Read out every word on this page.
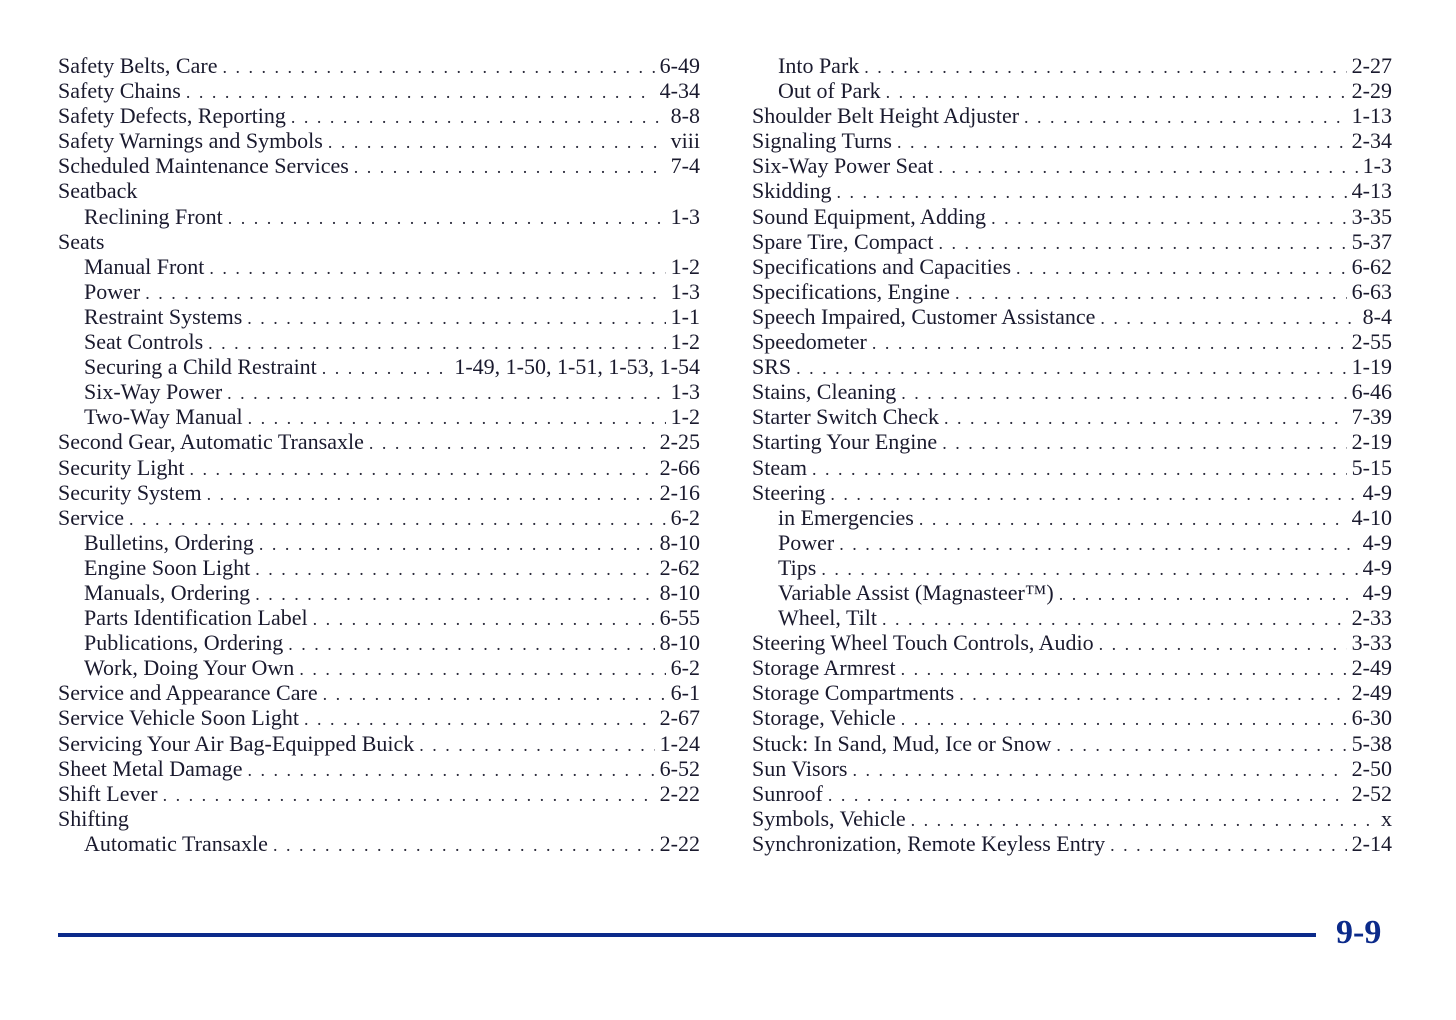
Safety Belts, Care . . .	6-49
Safety Chains . . .	4-34
Safety Defects, Reporting . . .	8-8
Safety Warnings and Symbols . . .	viii
Scheduled Maintenance Services . . .	7-4
Seatback
Reclining Front . . .	1-3
Seats
Manual Front . . .	1-2
Power . . .	1-3
Restraint Systems . . .	1-1
Seat Controls . . .	1-2
Securing a Child Restraint . . .	1-49, 1-50, 1-51, 1-53, 1-54
Six-Way Power . . .	1-3
Two-Way Manual . . .	1-2
Second Gear, Automatic Transaxle . . .	2-25
Security Light . . .	2-66
Security System . . .	2-16
Service . . .	6-2
Bulletins, Ordering . . .	8-10
Engine Soon Light . . .	2-62
Manuals, Ordering . . .	8-10
Parts Identification Label . . .	6-55
Publications, Ordering . . .	8-10
Work, Doing Your Own . . .	6-2
Service and Appearance Care . . .	6-1
Service Vehicle Soon Light . . .	2-67
Servicing Your Air Bag-Equipped Buick . . .	1-24
Sheet Metal Damage . . .	6-52
Shift Lever . . .	2-22
Shifting
Automatic Transaxle . . .	2-22
Into Park . . .	2-27
Out of Park . . .	2-29
Shoulder Belt Height Adjuster . . .	1-13
Signaling Turns . . .	2-34
Six-Way Power Seat . . .	1-3
Skidding . . .	4-13
Sound Equipment, Adding . . .	3-35
Spare Tire, Compact . . .	5-37
Specifications and Capacities . . .	6-62
Specifications, Engine . . .	6-63
Speech Impaired, Customer Assistance . . .	8-4
Speedometer . . .	2-55
SRS . . .	1-19
Stains, Cleaning . . .	6-46
Starter Switch Check . . .	7-39
Starting Your Engine . . .	2-19
Steam . . .	5-15
Steering . . .	4-9
in Emergencies . . .	4-10
Power . . .	4-9
Tips . . .	4-9
Variable Assist (Magnasteer™) . . .	4-9
Wheel, Tilt . . .	2-33
Steering Wheel Touch Controls, Audio . . .	3-33
Storage Armrest . . .	2-49
Storage Compartments . . .	2-49
Storage, Vehicle . . .	6-30
Stuck: In Sand, Mud, Ice or Snow . . .	5-38
Sun Visors . . .	2-50
Sunroof . . .	2-52
Symbols, Vehicle . . .	x
Synchronization, Remote Keyless Entry . . .	2-14
9-9
